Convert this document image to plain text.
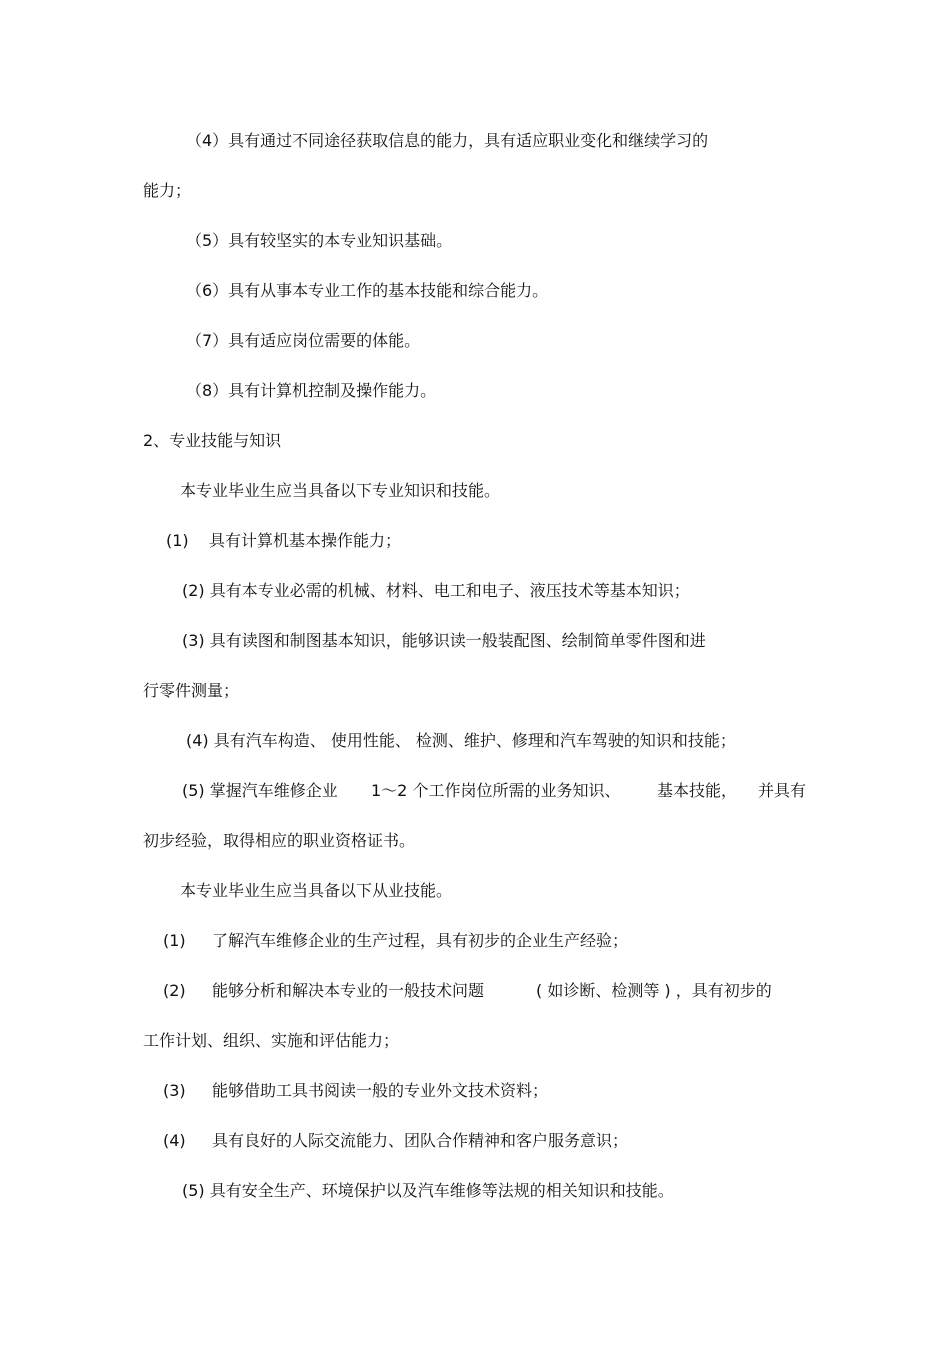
（4）具有通过不同途径获取信息的能力，具有适应职业变化和继续学习的

能力；

（5）具有较坚实的本专业知识基础。

（6）具有从事本专业工作的基本技能和综合能力。

（7）具有适应岗位需要的体能。

（8）具有计算机控制及操作能力。

2、专业技能与知识

本专业毕业生应当具备以下专业知识和技能。

(1) 具有计算机基本操作能力；

(2) 具有本专业必需的机械、材料、电工和电子、液压技术等基本知识；

(3) 具有读图和制图基本知识，能够识读一般装配图、绘制简单零件图和进

行零件测量；

(4) 具有汽车构造、 使用性能、 检测、维护、修理和汽车驾驶的知识和技能；

(5) 掌握汽车维修企业 1～2 个工作岗位所需的业务知识、 基本技能， 并具有

初步经验，取得相应的职业资格证书。

本专业毕业生应当具备以下从业技能。

(1) 了解汽车维修企业的生产过程，具有初步的企业生产经验；
(2) 能够分析和解决本专业的一般技术问题	( 如诊断、检测等 ) ，具有初步的

工作计划、组织、实施和评估能力；

(3) 能够借助工具书阅读一般的专业外文技术资料；
(4) 具有良好的人际交流能力、团队合作精神和客户服务意识；

(5) 具有安全生产、环境保护以及汽车维修等法规的相关知识和技能。
